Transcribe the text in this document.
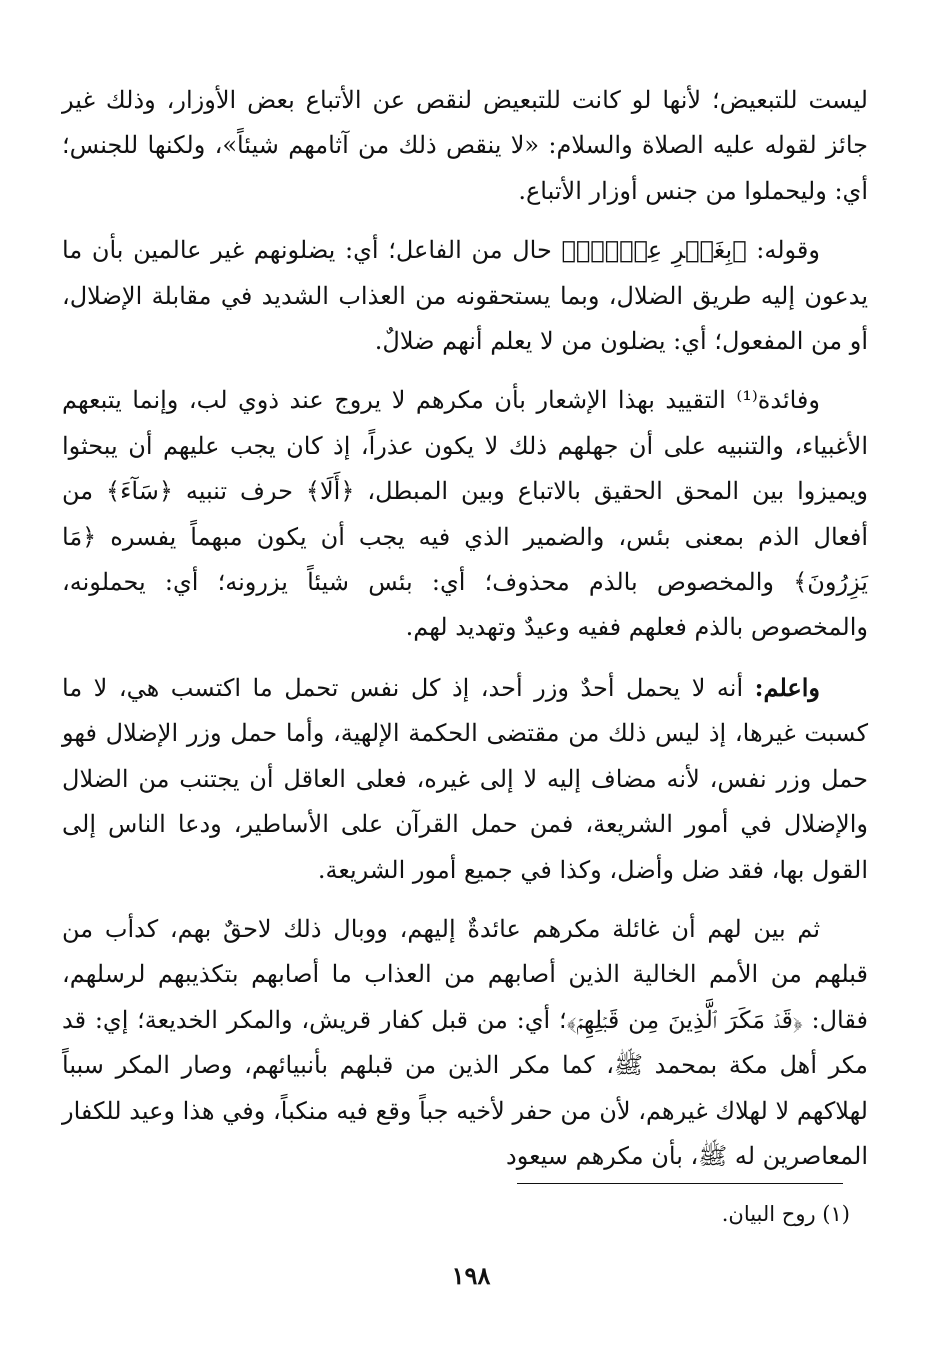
ليست للتبعيض؛ لأنها لو كانت للتبعيض لنقص عن الأتباع بعض الأوزار، وذلك غير جائز لقوله عليه الصلاة والسلام: «لا ينقص ذلك من آثامهم شيئاً»، ولكنها للجنس؛ أي: وليحملوا من جنس أوزار الأتباع.

وقوله: ﴿بِغَيۡرِ عِلۡمٍۗ﴾ حال من الفاعل؛ أي: يضلونهم غير عالمين بأن ما يدعون إليه طريق الضلال، وبما يستحقونه من العذاب الشديد في مقابلة الإضلال، أو من المفعول؛ أي: يضلون من لا يعلم أنهم ضلالٌ.

وفائدة⁽¹⁾ التقييد بهذا الإشعار بأن مكرهم لا يروج عند ذوي لب، وإنما يتبعهم الأغبياء، والتنبيه على أن جهلهم ذلك لا يكون عذراً، إذ كان يجب عليهم أن يبحثوا ويميزوا بين المحق الحقيق بالاتباع وبين المبطل، ﴿أَلَا﴾ حرف تنبيه ﴿سَآءَ﴾ من أفعال الذم بمعنى بئس، والضمير الذي فيه يجب أن يكون مبهماً يفسره ﴿مَا يَزِرُونَ﴾ والمخصوص بالذم محذوف؛ أي: بئس شيئاً يزرونه؛ أي: يحملونه، والمخصوص بالذم فعلهم ففيه وعيدٌ وتهديد لهم.

واعلم: أنه لا يحمل أحدٌ وزر أحد، إذ كل نفس تحمل ما اكتسب هي، لا ما كسبت غيرها، إذ ليس ذلك من مقتضى الحكمة الإلهية، وأما حمل وزر الإضلال فهو حمل وزر نفس، لأنه مضاف إليه لا إلى غيره، فعلى العاقل أن يجتنب من الضلال والإضلال في أمور الشريعة، فمن حمل القرآن على الأساطير، ودعا الناس إلى القول بها، فقد ضل وأضل، وكذا في جميع أمور الشريعة.

ثم بين لهم أن غائلة مكرهم عائدةٌ إليهم، ووبال ذلك لاحقٌ بهم، كدأب من قبلهم من الأمم الخالية الذين أصابهم من العذاب ما أصابهم بتكذيبهم لرسلهم، فقال: ﴿قَدۡ مَكَرَ ٱلَّذِينَ مِن قَبۡلِهِمۡ﴾؛ أي: من قبل كفار قريش، والمكر الخديعة؛ إي: قد مكر أهل مكة بمحمد ﷺ، كما مكر الذين من قبلهم بأنبيائهم، وصار المكر سبباً لهلاكهم لا لهلاك غيرهم، لأن من حفر لأخيه جباً وقع فيه منكباً، وفي هذا وعيد للكفار المعاصرين له ﷺ، بأن مكرهم سيعود

(١) روح البيان.
١٩٨
